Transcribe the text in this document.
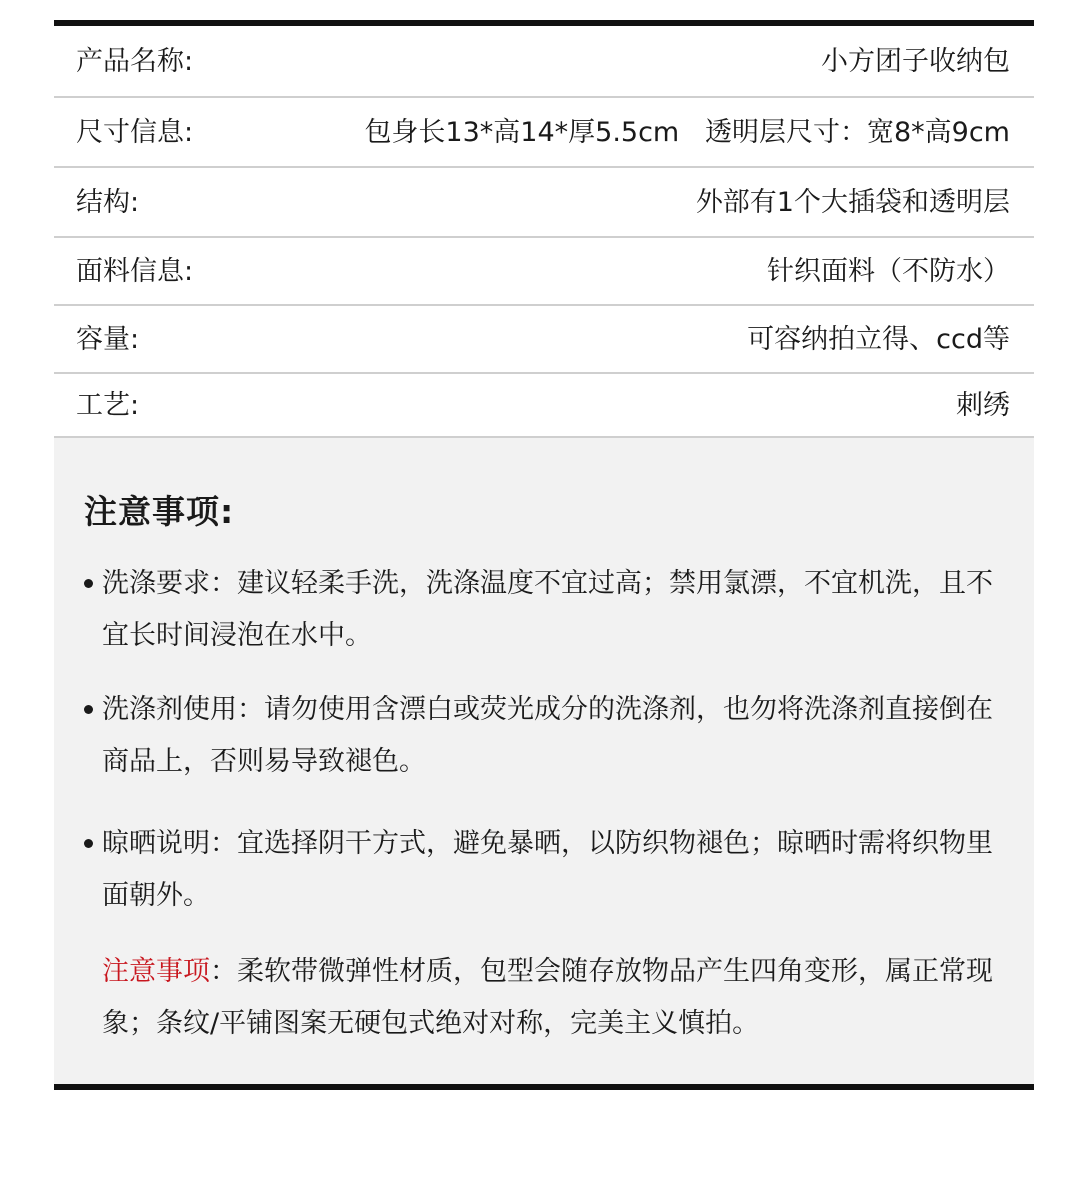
产品名称:	小方团子收纳包
尺寸信息:	包身长13*高14*厚5.5cm   透明层尺寸：宽8*高9cm
结构:	外部有1个大插袋和透明层
面料信息:	针织面料（不防水）
容量:	可容纳拍立得、ccd等
工艺:	刺绣
注意事项:
洗涤要求：建议轻柔手洗，洗涤温度不宜过高；禁用氯漂，不宜机洗，且不宜长时间浸泡在水中。
洗涤剂使用：请勿使用含漂白或荧光成分的洗涤剂，也勿将洗涤剂直接倒在商品上，否则易导致褪色。
晾晒说明：宜选择阴干方式，避免暴晒，以防织物褪色；晾晒时需将织物里面朝外。
注意事项：柔软带微弹性材质，包型会随存放物品产生四角变形，属正常现象；条纹/平铺图案无硬包式绝对对称，完美主义慎拍。
